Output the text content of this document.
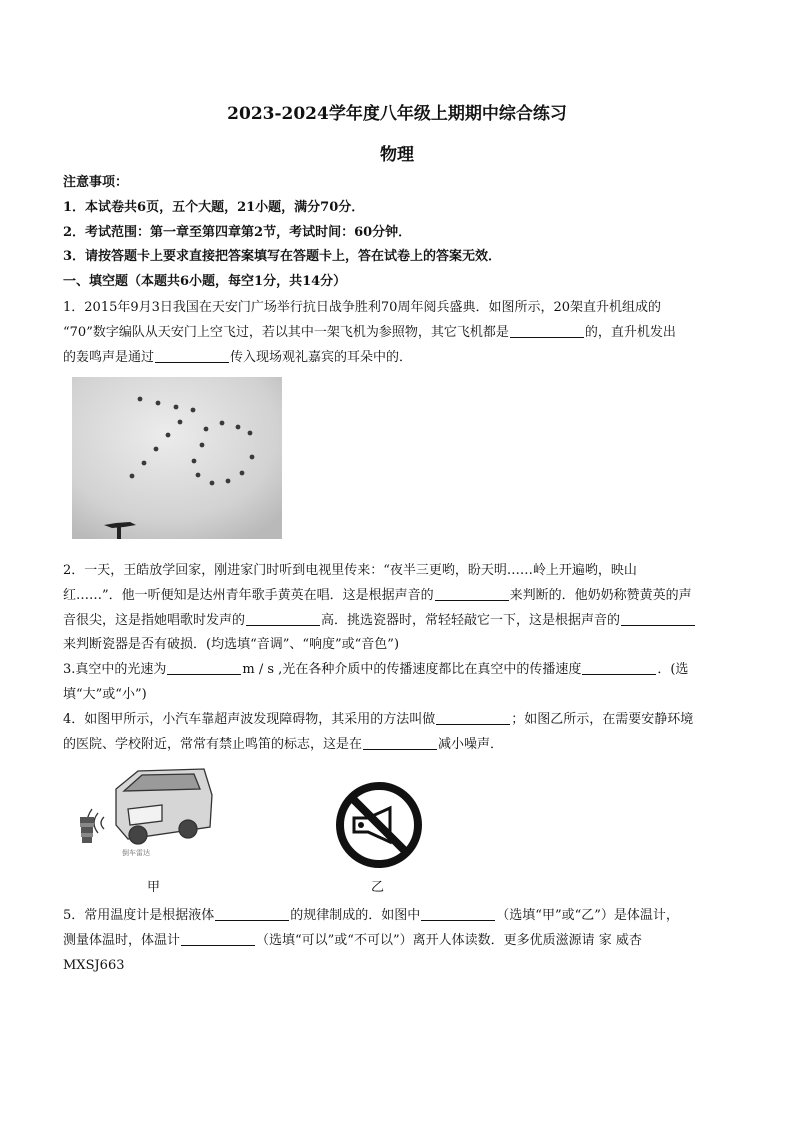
2023-2024学年度八年级上期期中综合练习
物理
注意事项：
1．本试卷共6页，五个大题，21小题，满分70分．
2．考试范围：第一章至第四章第2节，考试时间：60分钟．
3．请按答题卡上要求直接把答案填写在答题卡上，答在试卷上的答案无效．
一、填空题（本题共6小题，每空1分，共14分）
1．2015年9月3日我国在天安门广场举行抗日战争胜利70周年阅兵盛典．如图所示，20架直升机组成的
“70”数字编队从天安门上空飞过，若以其中一架飞机为参照物，其它飞机都是	的，直升机发出
的轰鸣声是通过	传入现场观礼嘉宾的耳朵中的．
2．一天，王皓放学回家，刚进家门时听到电视里传来：“夜半三更哟，盼天明……岭上开遍哟，映山
红……”．他一听便知是达州青年歌手黄英在唱．这是根据声音的	来判断的．他奶奶称赞黄英的声
音很尖，这是指她唱歌时发声的	高．挑选瓷器时，常轻轻敲它一下，这是根据声音的
来判断瓷器是否有破损．(均选填“音调”、“响度”或“音色”)
3.真空中的光速为	m / s ,光在各种介质中的传播速度都比在真空中的传播速度	．(选
填“大”或“小”)
4．如图甲所示，小汽车靠超声波发现障碍物，其采用的方法叫做	；如图乙所示，在需要安静环境
的医院、学校附近，常常有禁止鸣笛的标志，这是在	减小噪声．
倒车雷达
甲	乙
5．常用温度计是根据液体	的规律制成的．如图中	（选填“甲”或“乙”）是体温计，
测量体温时，体温计	（选填“可以”或“不可以”）离开人体读数．更多优质滋源请 家 威杏
MXSJ663
